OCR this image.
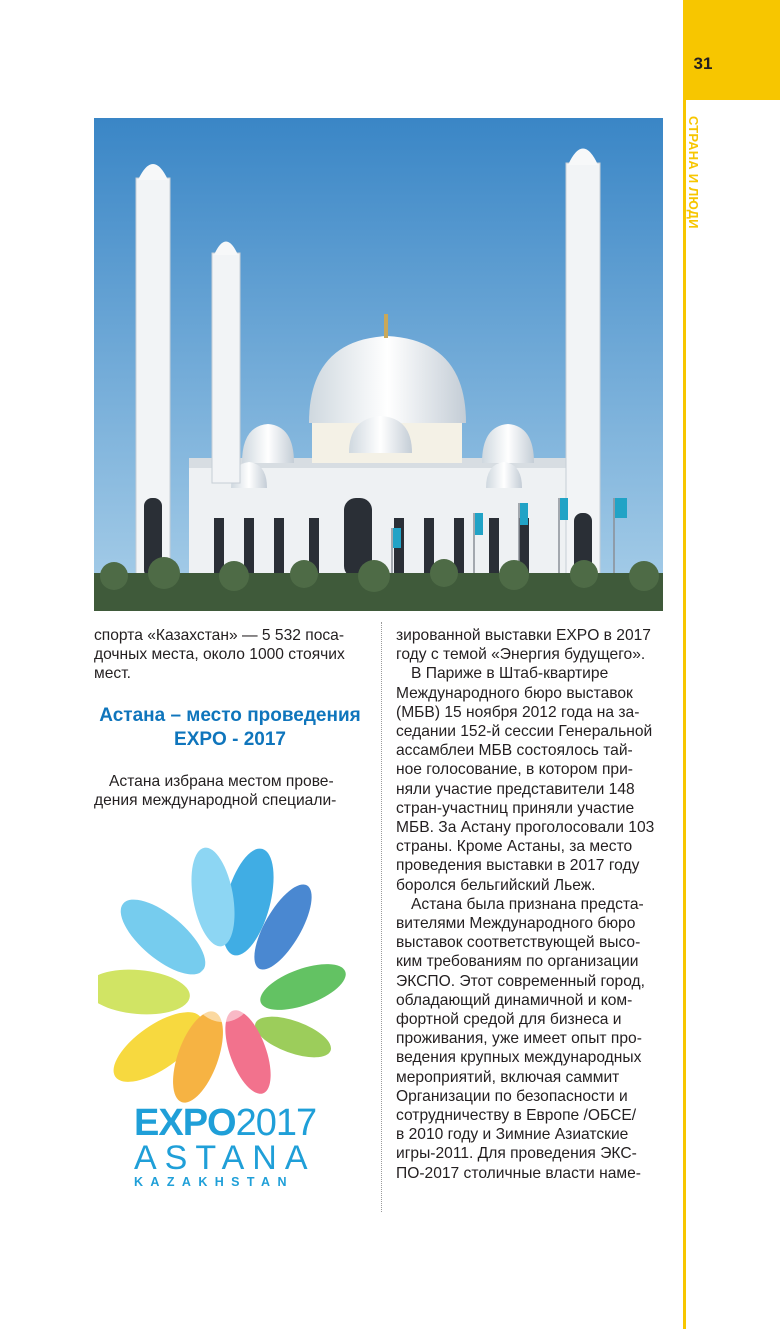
31
СТРАНА И ЛЮДИ

спорта «Казахстан» — 5 532 поса-

дочных места, около 1000 стоячих

мест.

Астана – место проведения
EXPO - 2017

Астана избрана местом прове-

дения международной специали-

EXPO2017
ASTANA
KAZAKHSTAN

зированной выставки EXPO в 2017

году с темой «Энергия будущего».

В Париже в Штаб-квартире

Международного бюро выставок

(МБВ) 15 ноября 2012 года на за-

седании 152-й сессии Генеральной

ассамблеи МБВ состоялось тай-

ное голосование, в котором при-

няли участие представители 148

стран-участниц приняли участие

МБВ. За Астану проголосовали 103

страны. Кроме Астаны, за место

проведения выставки в 2017 году

боролся бельгийский Льеж.

Астана была признана предста-

вителями Международного бюро

выставок соответствующей высо-

ким требованиям по организации

ЭКСПО. Этот современный город,

обладающий динамичной и ком-

фортной средой для бизнеса и

проживания, уже имеет опыт про-

ведения крупных международных

мероприятий, включая саммит

Организации по безопасности и

сотрудничеству в Европе /ОБСЕ/

в 2010 году и Зимние Азиатские

игры-2011. Для проведения ЭКС-

ПО-2017 столичные власти наме-
